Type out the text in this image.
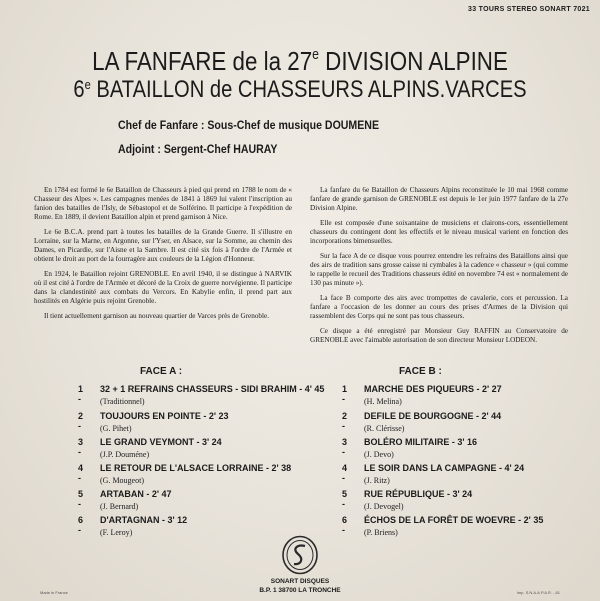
33 TOURS STEREO SONART 7021
LA FANFARE de la 27e DIVISION ALPINE
6e BATAILLON de CHASSEURS ALPINS.VARCES
Chef de Fanfare : Sous-Chef de musique DOUMENE
Adjoint : Sergent-Chef HAURAY

En 1784 est formé le 6e Bataillon de Chasseurs à pied qui prend en 1788 le nom de « Chasseur des Alpes ». Les campagnes menées de 1841 à 1869 lui valent l'inscription au fanion des batailles de l'Isly, de Sébastopol et de Solférino. Il participe à l'expédition de Rome. En 1889, il devient Bataillon alpin et prend garnison à Nice.

Le 6e B.C.A. prend part à toutes les batailles de la Grande Guerre. Il s'illustre en Lorraine, sur la Marne, en Argonne, sur l'Yser, en Alsace, sur la Somme, au chemin des Dames, en Picardie, sur l'Aisne et la Sambre. Il est cité six fois à l'ordre de l'Armée et obtient le droit au port de la fourragère aux couleurs de la Légion d'Honneur.

En 1924, le Bataillon rejoint GRENOBLE. En avril 1940, il se distingue à NARVIK où il est cité à l'ordre de l'Armée et décoré de la Croix de guerre norvégienne. Il participe dans la clandestinité aux combats du Vercors. En Kabylie enfin, il prend part aux hostilités en Algérie puis rejoint Grenoble.

Il tient actuellement garnison au nouveau quartier de Varces près de Grenoble.

La fanfare du 6e Bataillon de Chasseurs Alpins reconstituée le 10 mai 1968 comme fanfare de grande garnison de GRENOBLE est depuis le 1er juin 1977 fanfare de la 27e Division Alpine.

Elle est composée d'une soixantaine de musiciens et clairons-cors, essentiellement chasseurs du contingent dont les effectifs et le niveau musical varient en fonction des incorporations bimensuelles.

Sur la face A de ce disque vous pourrez entendre les refrains des Bataillons ainsi que des airs de tradition sans grosse caisse ni cymbales à la cadence « chasseur » (qui comme le rappelle le recueil des Traditions chasseurs édité en novembre 74 est « normalement de 130 pas minute »).

La face B comporte des airs avec trompettes de cavalerie, cors et percussion. La fanfare a l'occasion de les donner au cours des prises d'Armes de la Division qui rassemblent des Corps qui ne sont pas tous chasseurs.

Ce disque a été enregistré par Monsieur Guy RAFFIN au Conservatoire de GRENOBLE avec l'aimable autorisation de son directeur Monsieur LODEON.

FACE A :	FACE B :
1 -
32 + 1 REFRAINS CHASSEURS - SIDI BRAHIM - 4' 45
(Traditionnel)
2 -
TOUJOURS EN POINTE - 2' 23
(G. Pihet)
3 -
LE GRAND VEYMONT - 3' 24
(J.P. Douméne)
4 -
LE RETOUR DE L'ALSACE LORRAINE - 2' 38
(G. Mougeot)
5 -
ARTABAN - 2' 47
(J. Bernard)
6 -
D'ARTAGNAN - 3' 12
(F. Leroy)
1 -
MARCHE DES PIQUEURS - 2' 27
(H. Melina)
2 -
DEFILE DE BOURGOGNE - 2' 44
(R. Clérisse)
3 -
BOLÉRO MILITAIRE - 3' 16
(J. Devo)
4 -
LE SOIR DANS LA CAMPAGNE - 4' 24
(J. Ritz)
5 -
RUE RÉPUBLIQUE - 3' 24
(J. Devogel)
6 -
ÉCHOS DE LA FORÊT DE WOEVRE - 2' 35
(P. Briens)
SONART DISQUES
B.P. 1 38700 LA TRONCHE
Made in France	Imp. S.N.A.A.P.A.R. - 81
